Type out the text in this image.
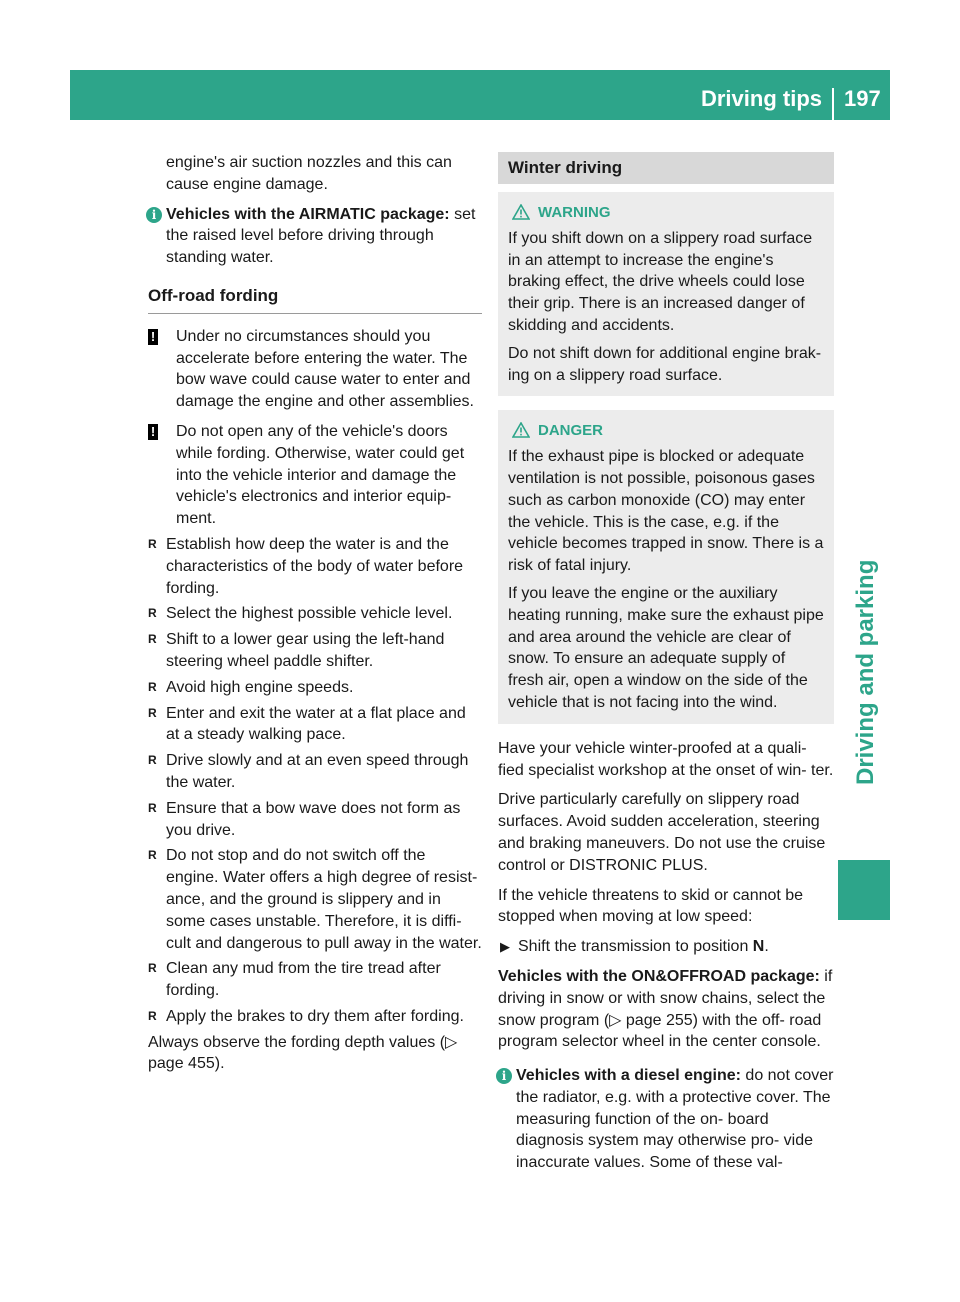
Driving tips	197
Driving and parking

engine's air suction nozzles and this can cause engine damage.

i Vehicles with the AIRMATIC package: set the raised level before driving through standing water.
Off-road fording
! Under no circumstances should you accelerate before entering the water. The bow wave could cause water to enter and damage the engine and other assemblies.
! Do not open any of the vehicle's doors while fording. Otherwise, water could get into the vehicle interior and damage the vehicle's electronics and interior equip- ment.
R Establish how deep the water is and the characteristics of the body of water before fording.
R Select the highest possible vehicle level.
R Shift to a lower gear using the left-hand steering wheel paddle shifter.
R Avoid high engine speeds.
R Enter and exit the water at a flat place and at a steady walking pace.
R Drive slowly and at an even speed through the water.
R Ensure that a bow wave does not form as you drive.
R Do not stop and do not switch off the engine. Water offers a high degree of resist- ance, and the ground is slippery and in some cases unstable. Therefore, it is diffi- cult and dangerous to pull away in the water.
R Clean any mud from the tire tread after fording.
R Apply the brakes to dry them after fording.

Always observe the fording depth values (▷ page 455).

Winter driving
WARNING

If you shift down on a slippery road surface in an attempt to increase the engine's braking effect, the drive wheels could lose their grip. There is an increased danger of skidding and accidents.

Do not shift down for additional engine brak- ing on a slippery road surface.

DANGER

If the exhaust pipe is blocked or adequate ventilation is not possible, poisonous gases such as carbon monoxide (CO) may enter the vehicle. This is the case, e.g. if the vehicle becomes trapped in snow. There is a risk of fatal injury.

If you leave the engine or the auxiliary heating running, make sure the exhaust pipe and area around the vehicle are clear of snow. To ensure an adequate supply of fresh air, open a window on the side of the vehicle that is not facing into the wind.

Have your vehicle winter-proofed at a quali- fied specialist workshop at the onset of win- ter.

Drive particularly carefully on slippery road surfaces. Avoid sudden acceleration, steering and braking maneuvers. Do not use the cruise control or DISTRONIC PLUS.

If the vehicle threatens to skid or cannot be stopped when moving at low speed:

▶ Shift the transmission to position N.

Vehicles with the ON&OFFROAD package: if driving in snow or with snow chains, select the snow program (▷ page 255) with the off- road program selector wheel in the center console.

i Vehicles with a diesel engine: do not cover the radiator, e.g. with a protective cover. The measuring function of the on- board diagnosis system may otherwise pro- vide inaccurate values. Some of these val-
